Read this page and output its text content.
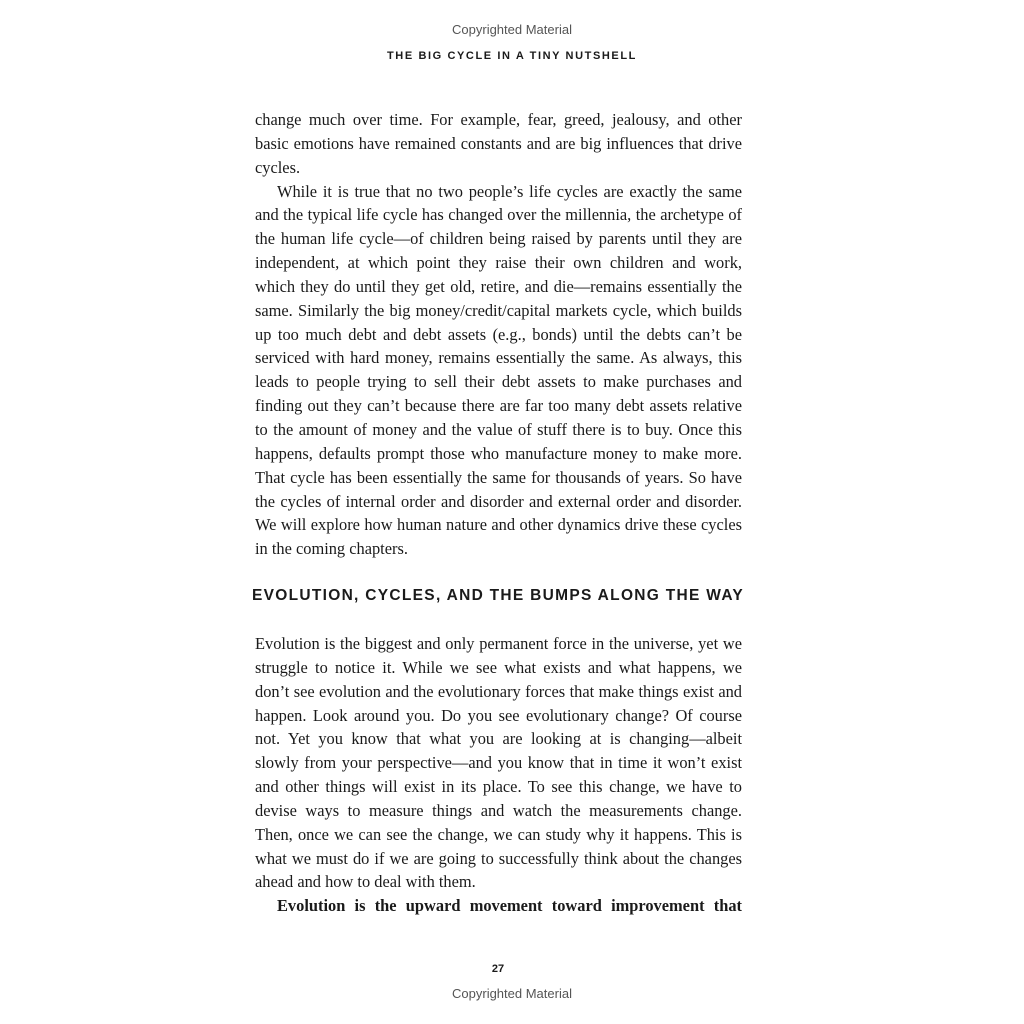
Copyrighted Material
THE BIG CYCLE IN A TINY NUTSHELL

change much over time. For example, fear, greed, jealousy, and other basic emotions have remained constants and are big influences that drive cycles.

While it is true that no two people’s life cycles are exactly the same and the typical life cycle has changed over the millennia, the archetype of the human life cycle—of children being raised by parents until they are independent, at which point they raise their own children and work, which they do until they get old, retire, and die—remains essentially the same. Similarly the big money/credit/capital markets cycle, which builds up too much debt and debt assets (e.g., bonds) until the debts can’t be serviced with hard money, remains essentially the same. As always, this leads to people trying to sell their debt assets to make purchases and finding out they can’t because there are far too many debt assets relative to the amount of money and the value of stuff there is to buy. Once this happens, defaults prompt those who manufacture money to make more. That cycle has been essentially the same for thousands of years. So have the cycles of internal order and disorder and external order and disorder. We will explore how human nature and other dynamics drive these cycles in the coming chapters.

EVOLUTION, CYCLES, AND THE BUMPS ALONG THE WAY

Evolution is the biggest and only permanent force in the universe, yet we struggle to notice it. While we see what exists and what happens, we don’t see evolution and the evolutionary forces that make things exist and happen. Look around you. Do you see evolutionary change? Of course not. Yet you know that what you are looking at is changing—albeit slowly from your perspective—and you know that in time it won’t exist and other things will exist in its place. To see this change, we have to devise ways to measure things and watch the measurements change. Then, once we can see the change, we can study why it happens. This is what we must do if we are going to successfully think about the changes ahead and how to deal with them.

Evolution is the upward movement toward improvement that

27
Copyrighted Material
